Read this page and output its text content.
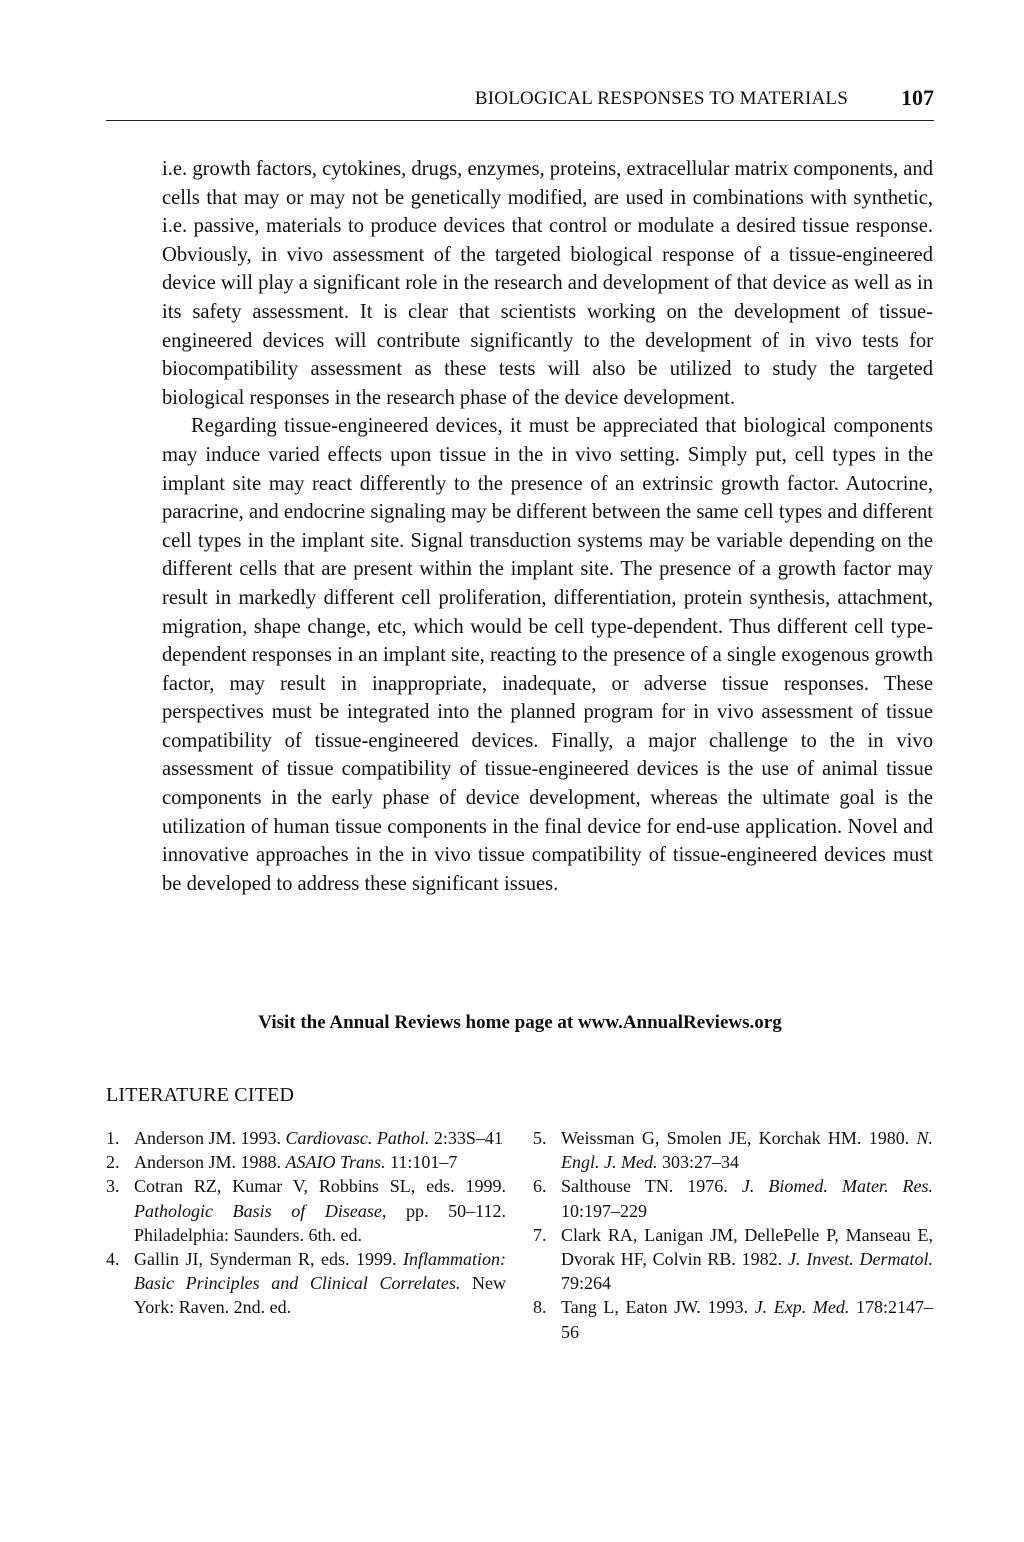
BIOLOGICAL RESPONSES TO MATERIALS 107

i.e. growth factors, cytokines, drugs, enzymes, proteins, extracellular matrix components, and cells that may or may not be genetically modified, are used in combinations with synthetic, i.e. passive, materials to produce devices that control or modulate a desired tissue response. Obviously, in vivo assessment of the targeted biological response of a tissue-engineered device will play a significant role in the research and development of that device as well as in its safety assessment. It is clear that scientists working on the development of tissue-engineered devices will contribute significantly to the development of in vivo tests for biocompatibility assessment as these tests will also be utilized to study the targeted biological responses in the research phase of the device development.

Regarding tissue-engineered devices, it must be appreciated that biological components may induce varied effects upon tissue in the in vivo setting. Simply put, cell types in the implant site may react differently to the presence of an extrinsic growth factor. Autocrine, paracrine, and endocrine signaling may be different between the same cell types and different cell types in the implant site. Signal transduction systems may be variable depending on the different cells that are present within the implant site. The presence of a growth factor may result in markedly different cell proliferation, differentiation, protein synthesis, attachment, migration, shape change, etc, which would be cell type-dependent. Thus different cell type-dependent responses in an implant site, reacting to the presence of a single exogenous growth factor, may result in inappropriate, inadequate, or adverse tissue responses. These perspectives must be integrated into the planned program for in vivo assessment of tissue compatibility of tissue-engineered devices. Finally, a major challenge to the in vivo assessment of tissue compatibility of tissue-engineered devices is the use of animal tissue components in the early phase of device development, whereas the ultimate goal is the utilization of human tissue components in the final device for end-use application. Novel and innovative approaches in the in vivo tissue compatibility of tissue-engineered devices must be developed to address these significant issues.

Visit the Annual Reviews home page at www.AnnualReviews.org
LITERATURE CITED
1. Anderson JM. 1993. Cardiovasc. Pathol. 2:33S–41
2. Anderson JM. 1988. ASAIO Trans. 11:101–7
3. Cotran RZ, Kumar V, Robbins SL, eds. 1999. Pathologic Basis of Disease, pp. 50–112. Philadelphia: Saunders. 6th. ed.
4. Gallin JI, Synderman R, eds. 1999. Inflammation: Basic Principles and Clinical Correlates. New York: Raven. 2nd. ed.
5. Weissman G, Smolen JE, Korchak HM. 1980. N. Engl. J. Med. 303:27–34
6. Salthouse TN. 1976. J. Biomed. Mater. Res. 10:197–229
7. Clark RA, Lanigan JM, DellePelle P, Manseau E, Dvorak HF, Colvin RB. 1982. J. Invest. Dermatol. 79:264
8. Tang L, Eaton JW. 1993. J. Exp. Med. 178:2147–56
